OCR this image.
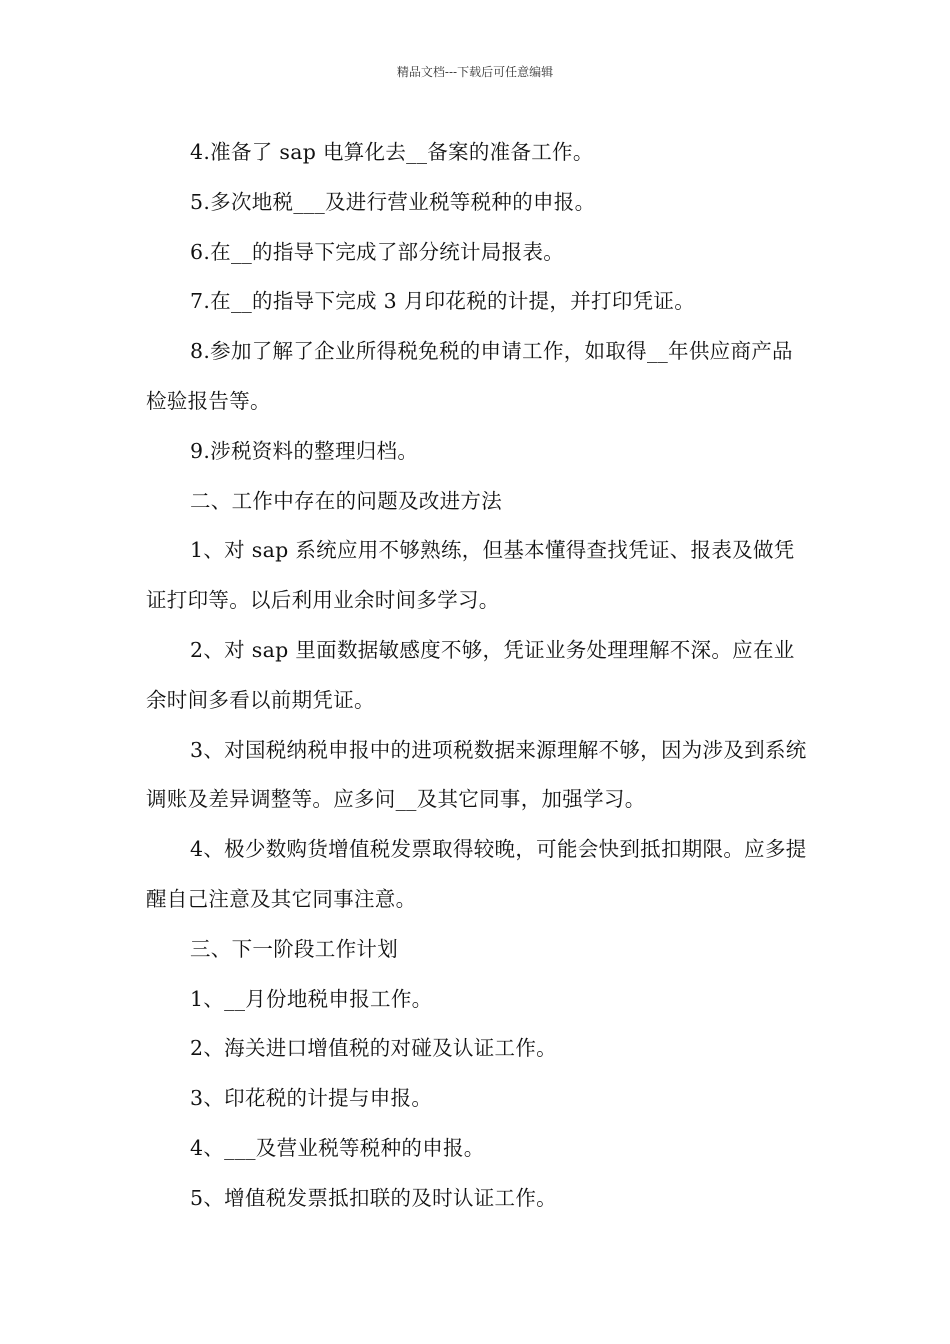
精品文档---下载后可任意编辑

4.准备了 sap 电算化去__备案的准备工作。

5.多次地税___及进行营业税等税种的申报。

6.在__的指导下完成了部分统计局报表。

7.在__的指导下完成 3 月印花税的计提，并打印凭证。

8.参加了解了企业所得税免税的申请工作，如取得__年供应商产品检验报告等。

9.涉税资料的整理归档。

二、工作中存在的问题及改进方法

1、对 sap 系统应用不够熟练，但基本懂得查找凭证、报表及做凭证打印等。以后利用业余时间多学习。

2、对 sap 里面数据敏感度不够，凭证业务处理理解不深。应在业余时间多看以前期凭证。

3、对国税纳税申报中的进项税数据来源理解不够，因为涉及到系统调账及差异调整等。应多问__及其它同事，加强学习。

4、极少数购货增值税发票取得较晚，可能会快到抵扣期限。应多提醒自己注意及其它同事注意。

三、下一阶段工作计划

1、__月份地税申报工作。

2、海关进口增值税的对碰及认证工作。

3、印花税的计提与申报。

4、___及营业税等税种的申报。

5、增值税发票抵扣联的及时认证工作。
